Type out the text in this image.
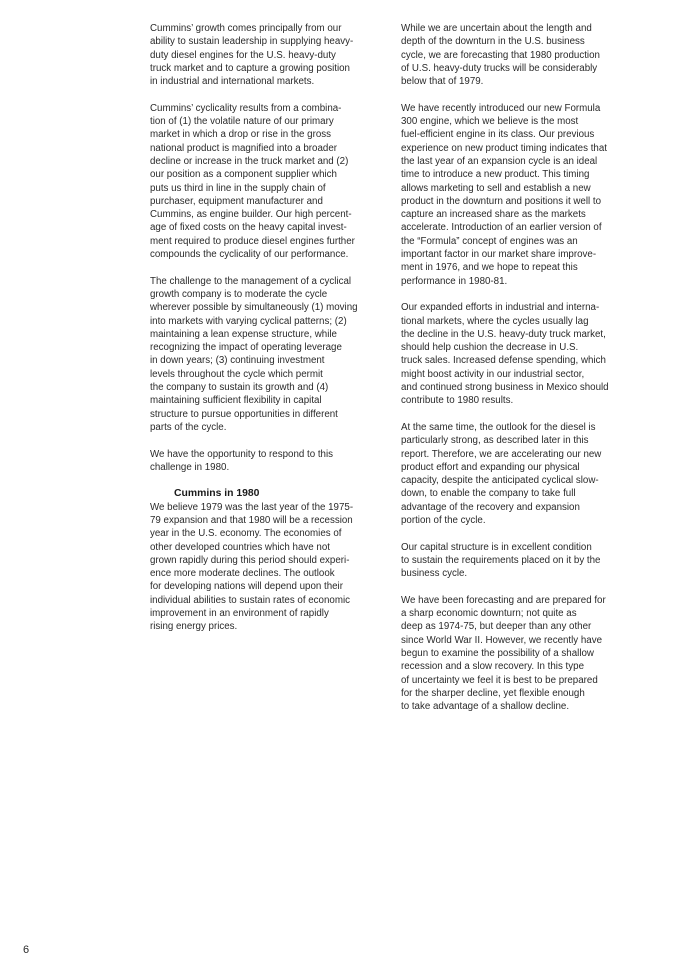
Cummins’ growth comes principally from our
ability to sustain leadership in supplying heavy-
duty diesel engines for the U.S. heavy-duty
truck market and to capture a growing position
in industrial and international markets.

Cummins’ cyclicality results from a combina-
tion of (1) the volatile nature of our primary
market in which a drop or rise in the gross
national product is magnified into a broader
decline or increase in the truck market and (2)
our position as a component supplier which
puts us third in line in the supply chain of
purchaser, equipment manufacturer and
Cummins, as engine builder. Our high percent-
age of fixed costs on the heavy capital invest-
ment required to produce diesel engines further
compounds the cyclicality of our performance.

The challenge to the management of a cyclical
growth company is to moderate the cycle
wherever possible by simultaneously (1) moving
into markets with varying cyclical patterns; (2)
maintaining a lean expense structure, while
recognizing the impact of operating leverage
in down years; (3) continuing investment
levels throughout the cycle which permit
the company to sustain its growth and (4)
maintaining sufficient flexibility in capital
structure to pursue opportunities in different
parts of the cycle.

We have the opportunity to respond to this
challenge in 1980.

Cummins in 1980

We believe 1979 was the last year of the 1975-
79 expansion and that 1980 will be a recession
year in the U.S. economy. The economies of
other developed countries which have not
grown rapidly during this period should experi-
ence more moderate declines. The outlook
for developing nations will depend upon their
individual abilities to sustain rates of economic
improvement in an environment of rapidly
rising energy prices.

While we are uncertain about the length and
depth of the downturn in the U.S. business
cycle, we are forecasting that 1980 production
of U.S. heavy-duty trucks will be considerably
below that of 1979.

We have recently introduced our new Formula
300 engine, which we believe is the most
fuel-efficient engine in its class. Our previous
experience on new product timing indicates that
the last year of an expansion cycle is an ideal
time to introduce a new product. This timing
allows marketing to sell and establish a new
product in the downturn and positions it well to
capture an increased share as the markets
accelerate. Introduction of an earlier version of
the “Formula” concept of engines was an
important factor in our market share improve-
ment in 1976, and we hope to repeat this
performance in 1980-81.

Our expanded efforts in industrial and interna-
tional markets, where the cycles usually lag
the decline in the U.S. heavy-duty truck market,
should help cushion the decrease in U.S.
truck sales. Increased defense spending, which
might boost activity in our industrial sector,
and continued strong business in Mexico should
contribute to 1980 results.

At the same time, the outlook for the diesel is
particularly strong, as described later in this
report. Therefore, we are accelerating our new
product effort and expanding our physical
capacity, despite the anticipated cyclical slow-
down, to enable the company to take full
advantage of the recovery and expansion
portion of the cycle.

Our capital structure is in excellent condition
to sustain the requirements placed on it by the
business cycle.

We have been forecasting and are prepared for
a sharp economic downturn; not quite as
deep as 1974-75, but deeper than any other
since World War II. However, we recently have
begun to examine the possibility of a shallow
recession and a slow recovery. In this type
of uncertainty we feel it is best to be prepared
for the sharper decline, yet flexible enough
to take advantage of a shallow decline.

6
